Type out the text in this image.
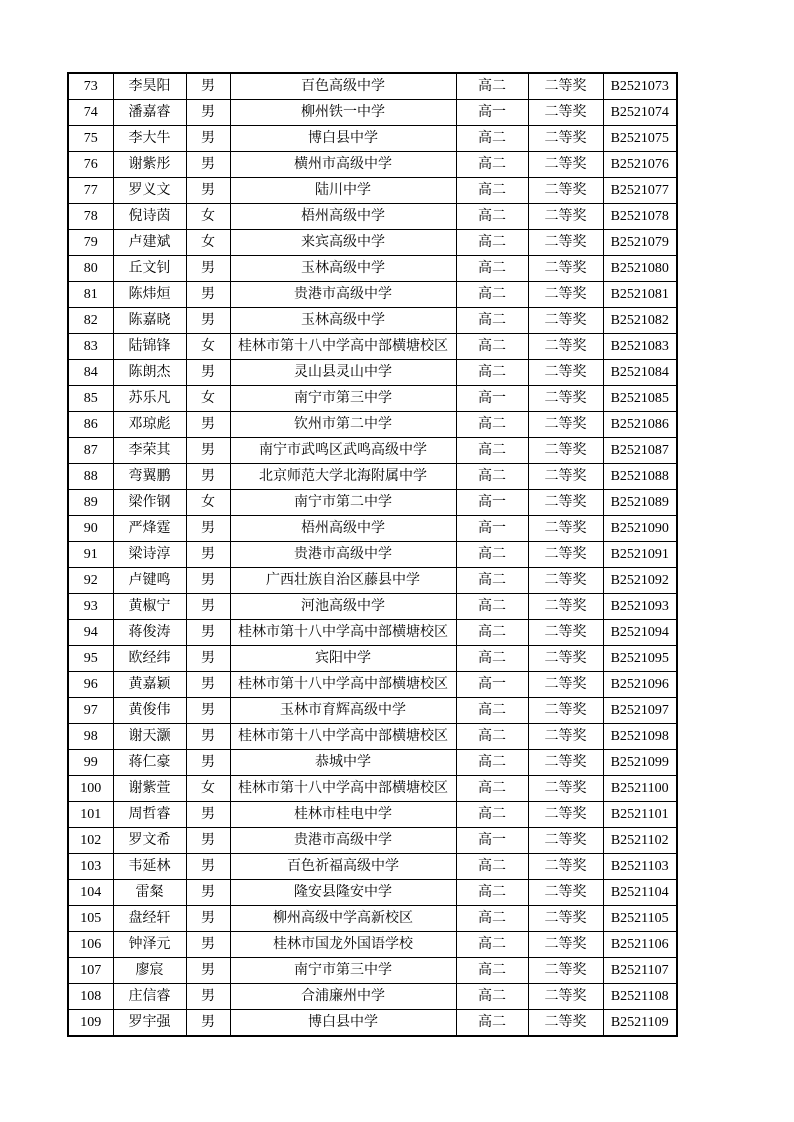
73	李昊阳	男	百色高级中学	高二	二等奖	B2521073
74	潘嘉睿	男	柳州铁一中学	高一	二等奖	B2521074
75	李大牛	男	博白县中学	高二	二等奖	B2521075
76	谢紫彤	男	横州市高级中学	高二	二等奖	B2521076
77	罗义文	男	陆川中学	高二	二等奖	B2521077
78	倪诗茵	女	梧州高级中学	高二	二等奖	B2521078
79	卢建斌	女	来宾高级中学	高二	二等奖	B2521079
80	丘文钊	男	玉林高级中学	高二	二等奖	B2521080
81	陈炜烜	男	贵港市高级中学	高二	二等奖	B2521081
82	陈嘉晓	男	玉林高级中学	高二	二等奖	B2521082
83	陆锦锋	女	桂林市第十八中学高中部横塘校区	高二	二等奖	B2521083
84	陈朗杰	男	灵山县灵山中学	高二	二等奖	B2521084
85	苏乐凡	女	南宁市第三中学	高一	二等奖	B2521085
86	邓琼彪	男	钦州市第二中学	高二	二等奖	B2521086
87	李荣其	男	南宁市武鸣区武鸣高级中学	高二	二等奖	B2521087
88	弯翼鹏	男	北京师范大学北海附属中学	高二	二等奖	B2521088
89	梁作钢	女	南宁市第二中学	高一	二等奖	B2521089
90	严烽霆	男	梧州高级中学	高一	二等奖	B2521090
91	梁诗淳	男	贵港市高级中学	高二	二等奖	B2521091
92	卢键鸣	男	广西壮族自治区藤县中学	高二	二等奖	B2521092
93	黄椒宁	男	河池高级中学	高二	二等奖	B2521093
94	蒋俊涛	男	桂林市第十八中学高中部横塘校区	高二	二等奖	B2521094
95	欧经纬	男	宾阳中学	高二	二等奖	B2521095
96	黄嘉颖	男	桂林市第十八中学高中部横塘校区	高一	二等奖	B2521096
97	黄俊伟	男	玉林市育辉高级中学	高二	二等奖	B2521097
98	谢天灏	男	桂林市第十八中学高中部横塘校区	高二	二等奖	B2521098
99	蒋仁豪	男	恭城中学	高二	二等奖	B2521099
100	谢紫萱	女	桂林市第十八中学高中部横塘校区	高二	二等奖	B2521100
101	周哲睿	男	桂林市桂电中学	高二	二等奖	B2521101
102	罗文希	男	贵港市高级中学	高一	二等奖	B2521102
103	韦延林	男	百色祈福高级中学	高二	二等奖	B2521103
104	雷粲	男	隆安县隆安中学	高二	二等奖	B2521104
105	盘经轩	男	柳州高级中学高新校区	高二	二等奖	B2521105
106	钟泽元	男	桂林市国龙外国语学校	高二	二等奖	B2521106
107	廖宸	男	南宁市第三中学	高二	二等奖	B2521107
108	庄信睿	男	合浦廉州中学	高二	二等奖	B2521108
109	罗宇强	男	博白县中学	高二	二等奖	B2521109
